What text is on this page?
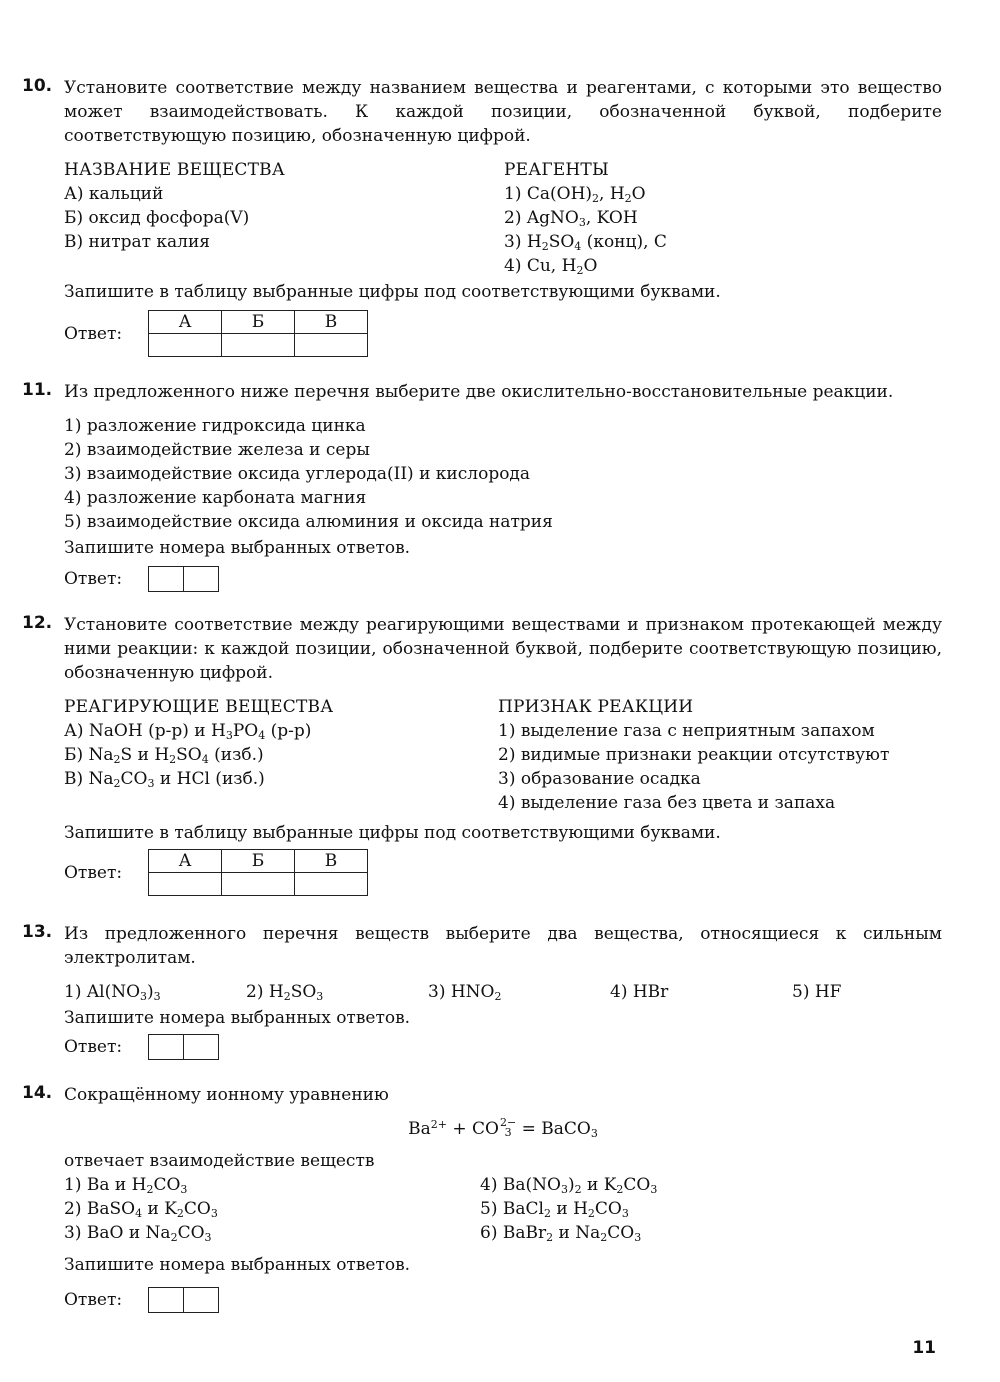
10. Установите соответствие между названием вещества и реагентами, с которыми это вещество может взаимодействовать. К каждой позиции, обозначенной буквой, подберите соответствующую позицию, обозначенную цифрой.
НАЗВАНИЕ ВЕЩЕСТВА
А) кальций
Б) оксид фосфора(V)
В) нитрат калия
РЕАГЕНТЫ
1) $Ca(OH)_2$, $H_2O$
2) AgNO$_3$, KOH
3) $H_2SO_4$ (конц), C
4) Cu, $H_2O$
Запишите в таблицу выбранные цифры под соответствующими буквами.
Ответ:
А	Б	В

11. Из предложенного ниже перечня выберите две окислительно-восстановительные реакции.
1) разложение гидроксида цинка
2) взаимодействие железа и серы
3) взаимодействие оксида углерода(II) и кислорода
4) разложение карбоната магния
5) взаимодействие оксида алюминия и оксида натрия
Запишите номера выбранных ответов.
Ответ:
12. Установите соответствие между реагирующими веществами и признаком протекающей между ними реакции: к каждой позиции, обозначенной буквой, подберите соответствующую позицию, обозначенную цифрой.
РЕАГИРУЮЩИЕ ВЕЩЕСТВА
А) NaOH (р-р) и $H_3PO_4$ (р-р)
Б) $Na_2S$ и $H_2SO_4$ (изб.)
В) $Na_2CO_3$ и HCl (изб.)
ПРИЗНАК РЕАКЦИИ
1) выделение газа с неприятным запахом
2) видимые признаки реакции отсутствуют
3) образование осадка
4) выделение газа без цвета и запаха
Запишите в таблицу выбранные цифры под соответствующими буквами.
Ответ:
А	Б	В

13. Из предложенного перечня веществ выберите два вещества, относящиеся к сильным электролитам.
1) $Al(NO_3)_3$	2) $H_2SO_3$	3) $HNO_2$	4) HBr	5) HF
Запишите номера выбранных ответов.
Ответ:
14. Сокращённому ионному уравнению
$Ba^{2+}$ + CO 2−
3 = BaCO$_3$
отвечает взаимодействие веществ
1) Ba и $H_2CO_3$
2) BaSO$_4$ и $K_2CO_3$
3) BaO и $Na_2CO_3$
4) $Ba(NO_3)_2$ и $K_2CO_3$
5) BaCl$_2$ и $H_2CO_3$
6) BaBr$_2$ и $Na_2CO_3$
Запишите номера выбранных ответов.
Ответ:
11
